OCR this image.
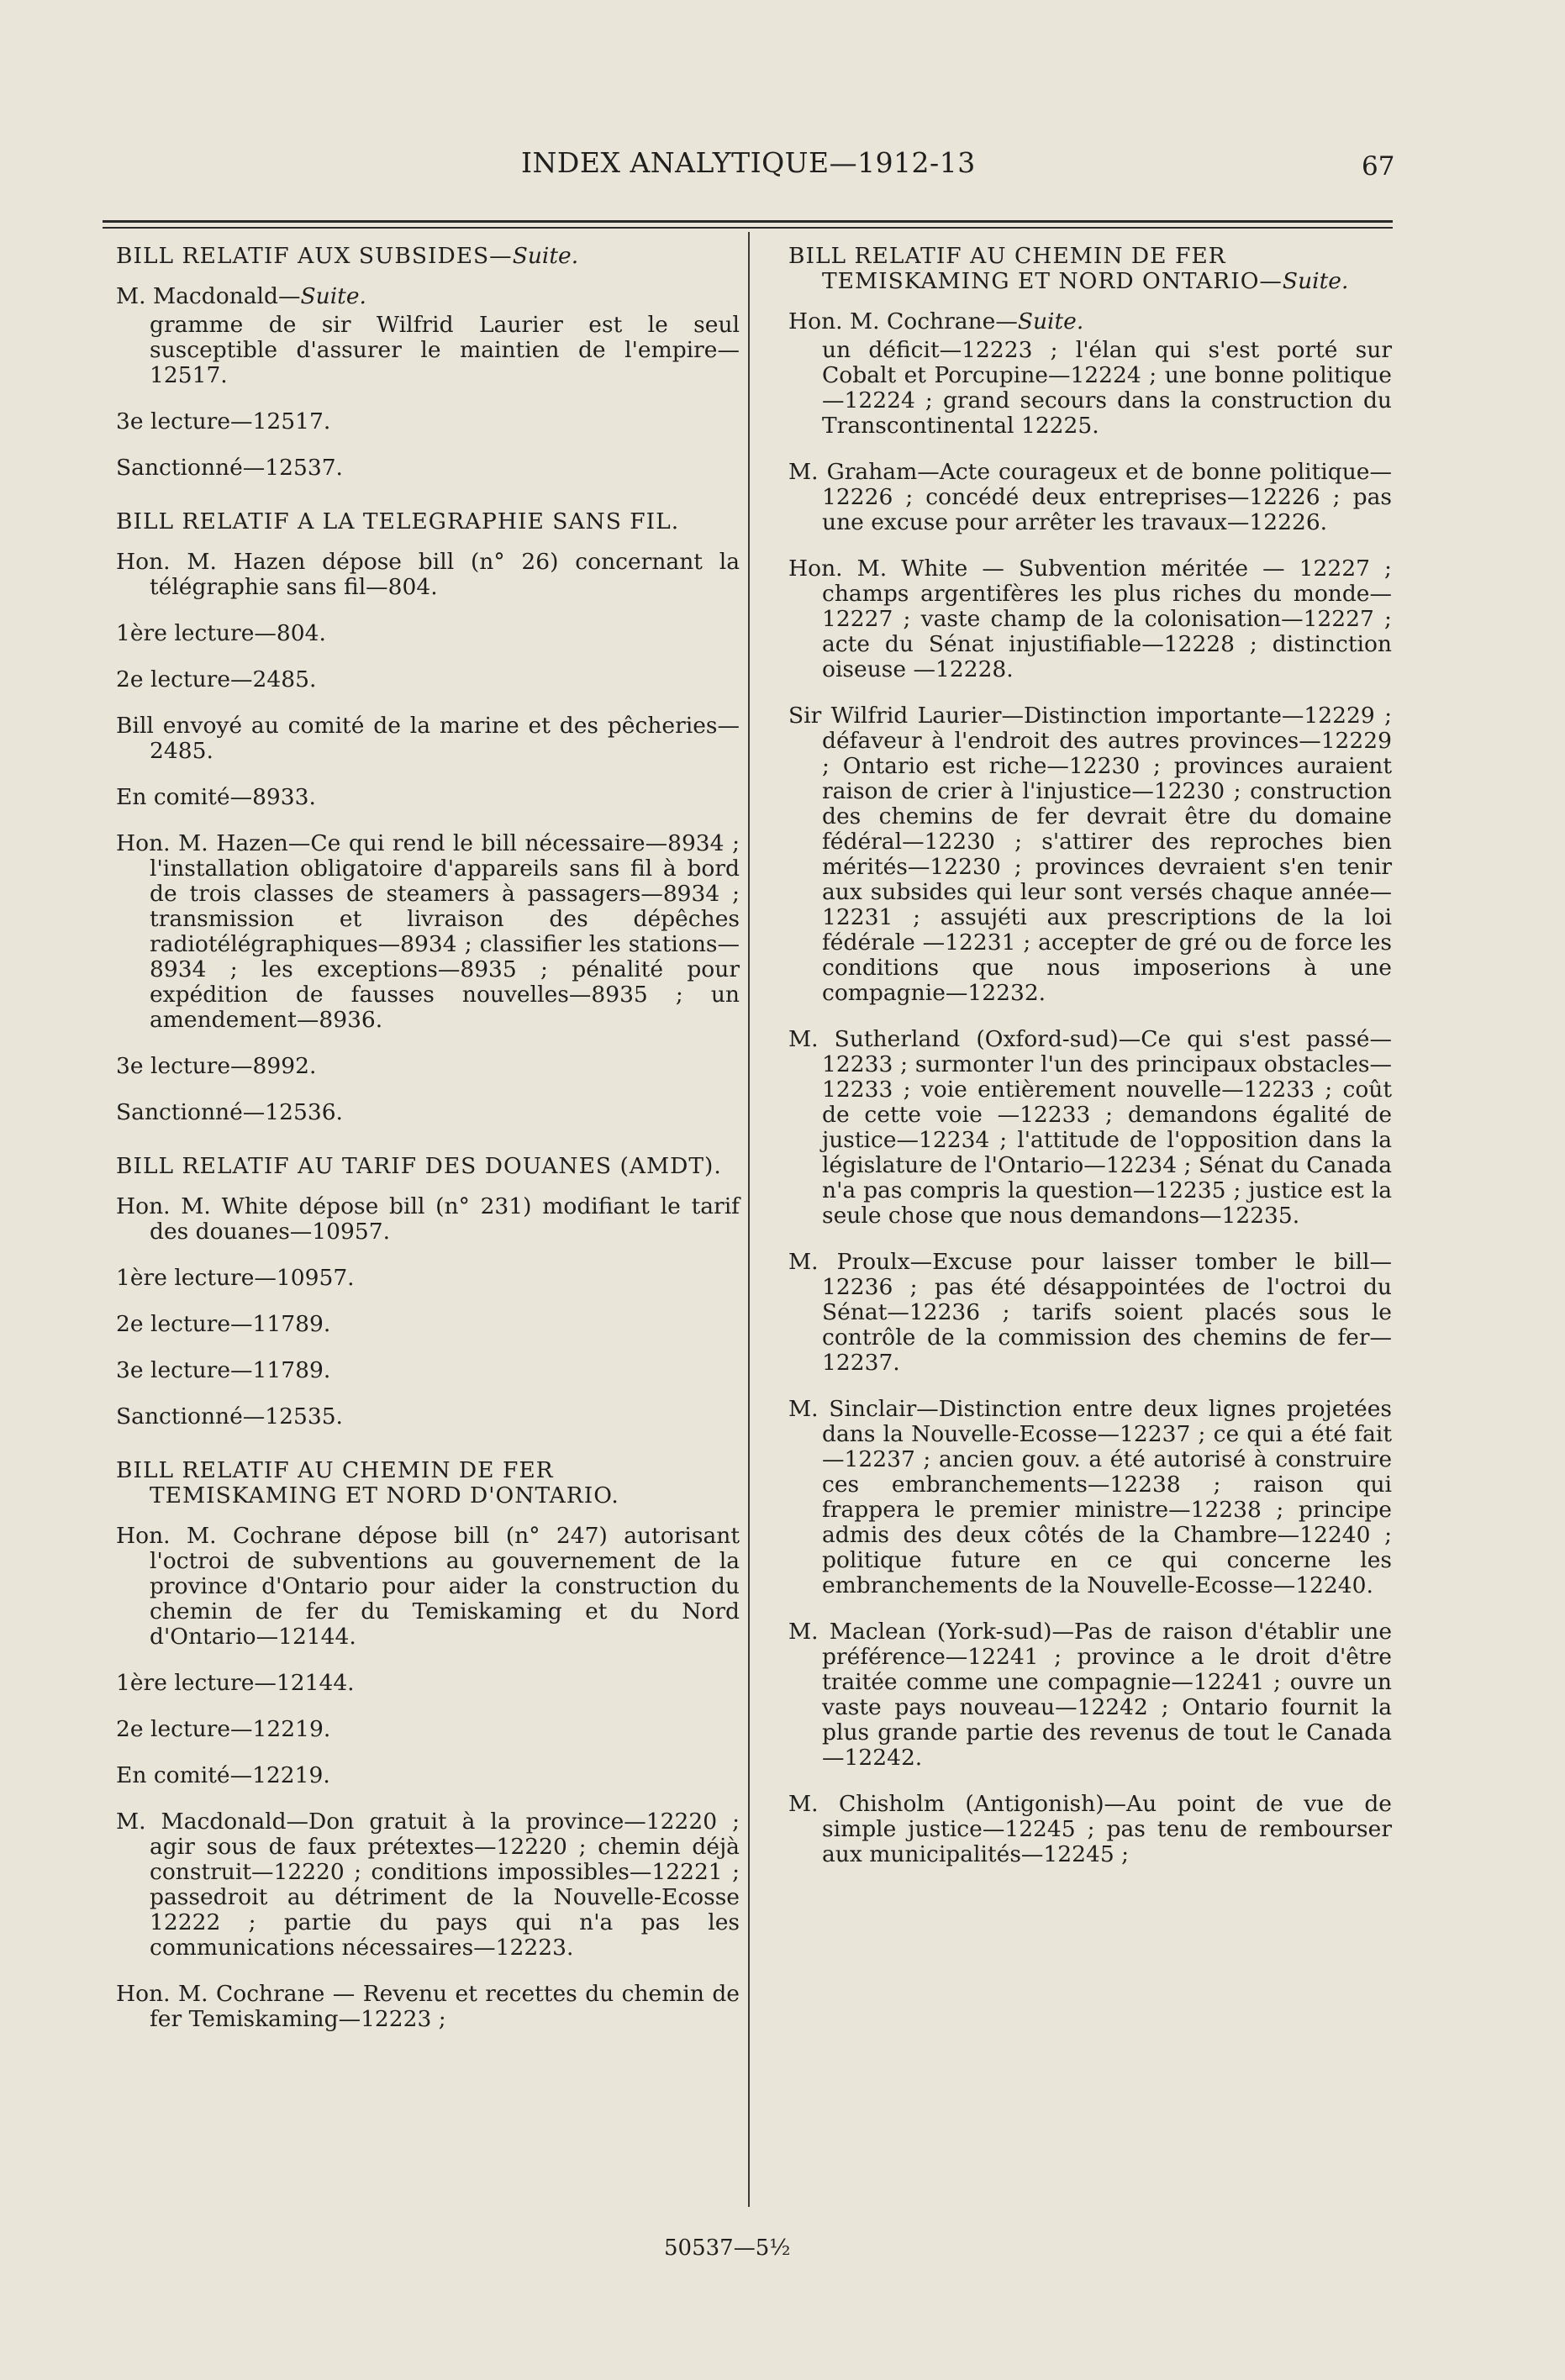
INDEX ANALYTIQUE—1912-13	67

BILL RELATIF AUX SUBSIDES—Suite.

M. Macdonald—Suite.

gramme de sir Wilfrid Laurier est le seul susceptible d'assurer le maintien de l'empire—12517.

3e lecture—12517.

Sanctionné—12537.

BILL RELATIF A LA TELEGRAPHIE SANS FIL.

Hon. M. Hazen dépose bill (n° 26) concernant la télégraphie sans fil—804.

1ère lecture—804.

2e lecture—2485.

Bill envoyé au comité de la marine et des pêcheries—2485.

En comité—8933.

Hon. M. Hazen—Ce qui rend le bill nécessaire—8934 ; l'installation obligatoire d'appareils sans fil à bord de trois classes de steamers à passagers—8934 ; transmission et livraison des dépêches radiotélégraphiques—8934 ; classifier les stations—8934 ; les exceptions—8935 ; pénalité pour expédition de fausses nouvelles—8935 ; un amendement—8936.

3e lecture—8992.

Sanctionné—12536.

BILL RELATIF AU TARIF DES DOUANES (AMDT).

Hon. M. White dépose bill (n° 231) modifiant le tarif des douanes—10957.

1ère lecture—10957.

2e lecture—11789.

3e lecture—11789.

Sanctionné—12535.

BILL RELATIF AU CHEMIN DE FER TEMISKAMING ET NORD D'ONTARIO.

Hon. M. Cochrane dépose bill (n° 247) autorisant l'octroi de subventions au gouvernement de la province d'Ontario pour aider la construction du chemin de fer du Temiskaming et du Nord d'Ontario—12144.

1ère lecture—12144.

2e lecture—12219.

En comité—12219.

M. Macdonald—Don gratuit à la province—12220 ; agir sous de faux prétextes—12220 ; chemin déjà construit—12220 ; conditions impossibles—12221 ; passedroit au détriment de la Nouvelle-Ecosse 12222 ; partie du pays qui n'a pas les communications nécessaires—12223.

Hon. M. Cochrane — Revenu et recettes du chemin de fer Temiskaming—12223 ;

BILL RELATIF AU CHEMIN DE FER TEMISKAMING ET NORD ONTARIO—Suite.

Hon. M. Cochrane—Suite.

un déficit—12223 ; l'élan qui s'est porté sur Cobalt et Porcupine—12224 ; une bonne politique—12224 ; grand secours dans la construction du Transcontinental 12225.

M. Graham—Acte courageux et de bonne politique—12226 ; concédé deux entreprises—12226 ; pas une excuse pour arrêter les travaux—12226.

Hon. M. White — Subvention méritée — 12227 ; champs argentifères les plus riches du monde—12227 ; vaste champ de la colonisation—12227 ; acte du Sénat injustifiable—12228 ; distinction oiseuse —12228.

Sir Wilfrid Laurier—Distinction importante—12229 ; défaveur à l'endroit des autres provinces—12229 ; Ontario est riche—12230 ; provinces auraient raison de crier à l'injustice—12230 ; construction des chemins de fer devrait être du domaine fédéral—12230 ; s'attirer des reproches bien mérités—12230 ; provinces devraient s'en tenir aux subsides qui leur sont versés chaque année—12231 ; assujéti aux prescriptions de la loi fédérale —12231 ; accepter de gré ou de force les conditions que nous imposerions à une compagnie—12232.

M. Sutherland (Oxford-sud)—Ce qui s'est passé—12233 ; surmonter l'un des principaux obstacles—12233 ; voie entièrement nouvelle—12233 ; coût de cette voie —12233 ; demandons égalité de justice—12234 ; l'attitude de l'opposition dans la législature de l'Ontario—12234 ; Sénat du Canada n'a pas compris la question—12235 ; justice est la seule chose que nous demandons—12235.

M. Proulx—Excuse pour laisser tomber le bill—12236 ; pas été désappointées de l'octroi du Sénat—12236 ; tarifs soient placés sous le contrôle de la commission des chemins de fer—12237.

M. Sinclair—Distinction entre deux lignes projetées dans la Nouvelle-Ecosse—12237 ; ce qui a été fait—12237 ; ancien gouv. a été autorisé à construire ces embranchements—12238 ; raison qui frappera le premier ministre—12238 ; principe admis des deux côtés de la Chambre—12240 ; politique future en ce qui concerne les embranchements de la Nouvelle-Ecosse—12240.

M. Maclean (York-sud)—Pas de raison d'établir une préférence—12241 ; province a le droit d'être traitée comme une compagnie—12241 ; ouvre un vaste pays nouveau—12242 ; Ontario fournit la plus grande partie des revenus de tout le Canada—12242.

M. Chisholm (Antigonish)—Au point de vue de simple justice—12245 ; pas tenu de rembourser aux municipalités—12245 ;

50537—5½
